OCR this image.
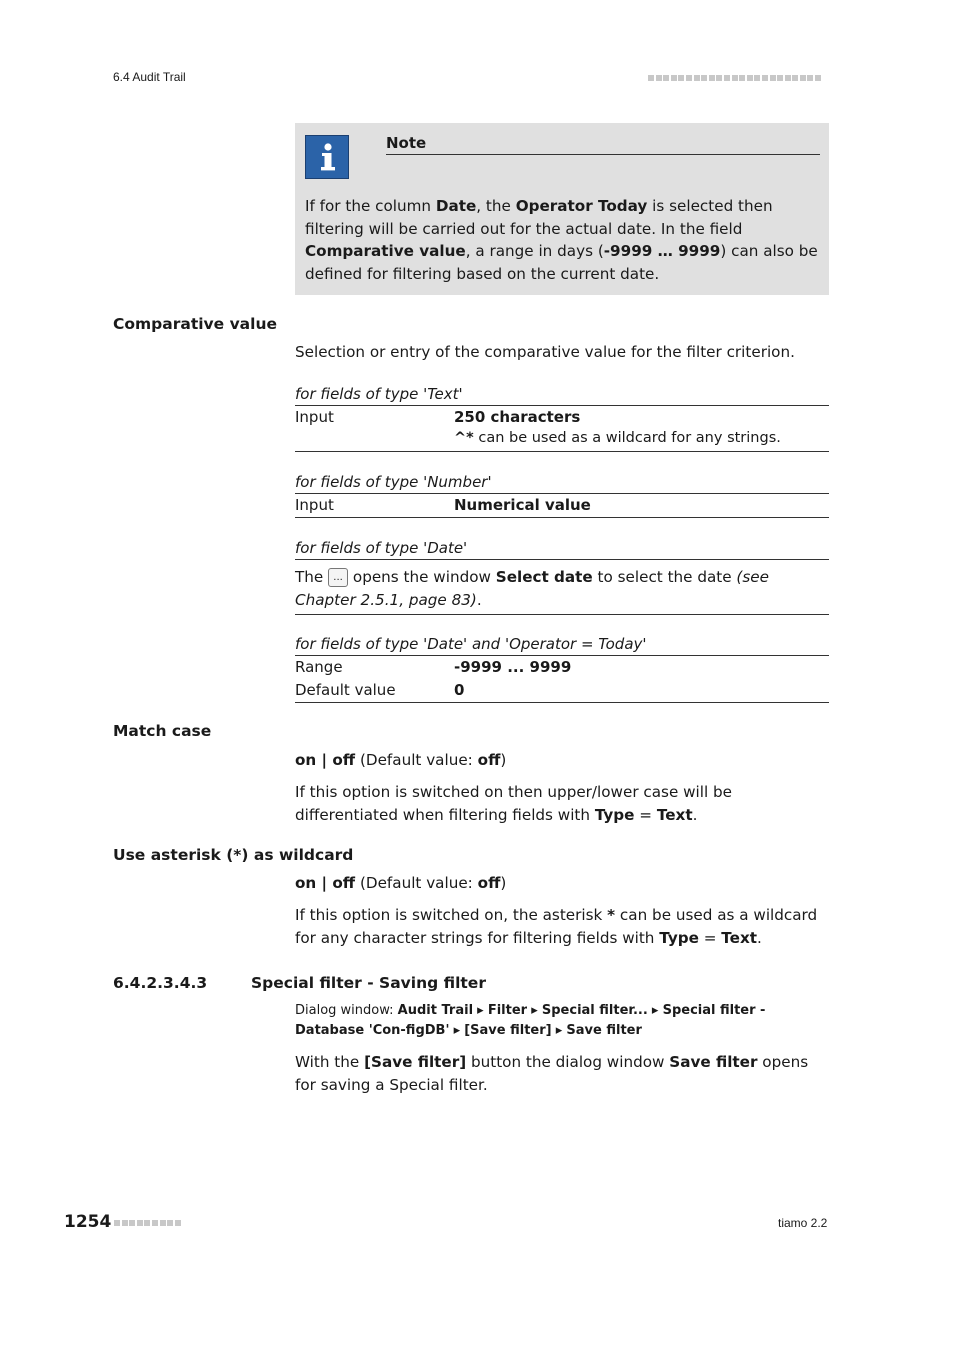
6.4 Audit Trail
Note
If for the column Date, the Operator Today is selected then filtering will be carried out for the actual date. In the field Comparative value, a range in days (-9999 … 9999) can also be defined for filtering based on the current date.
Comparative value
Selection or entry of the comparative value for the filter criterion.
for fields of type 'Text'
Input	250 characters
^* can be used as a wildcard for any strings.
for fields of type 'Number'
Input	Numerical value
for fields of type 'Date'
The ... opens the window Select date to select the date (see Chapter 2.5.1, page 83).
for fields of type 'Date' and 'Operator = Today'
Range	-9999 ... 9999
Default value	0
Match case
on | off (Default value: off)
If this option is switched on then upper/lower case will be differentiated when filtering fields with Type = Text.
Use asterisk (*) as wildcard
on | off (Default value: off)
If this option is switched on, the asterisk * can be used as a wildcard for any character strings for filtering fields with Type = Text.
6.4.2.3.4.3	Special filter - Saving filter
Dialog window: Audit Trail ▸ Filter ▸ Special filter... ▸ Special filter - Database 'Con-figDB' ▸ [Save filter] ▸ Save filter
With the [Save filter] button the dialog window Save filter opens for saving a Special filter.
1254	tiamo 2.2
